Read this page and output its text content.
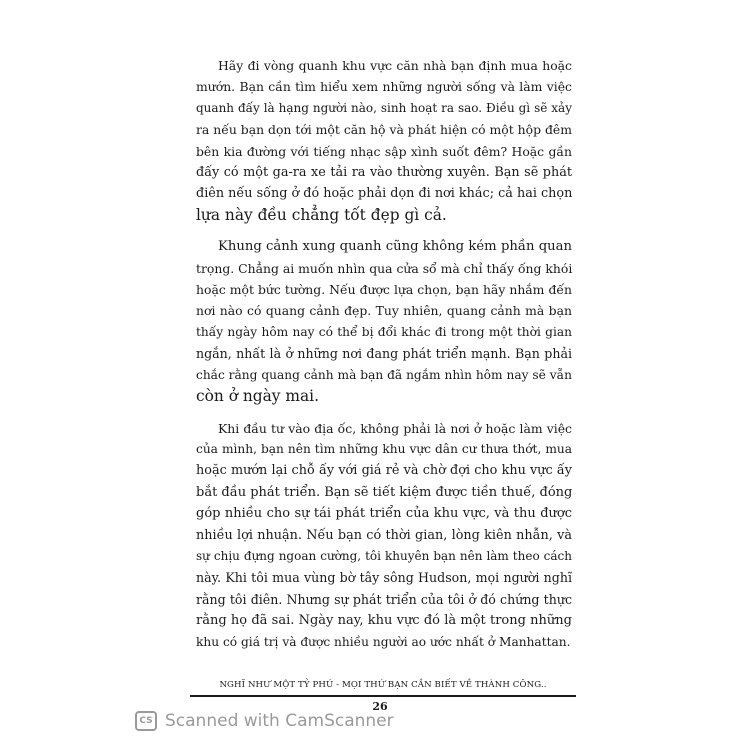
Hãy đi vòng quanh khu vực căn nhà bạn định mua hoặc
mướn. Bạn cần tìm hiểu xem những người sống và làm việc
quanh đấy là hạng người nào, sinh hoạt ra sao. Điều gì sẽ xảy
ra nếu bạn dọn tới một căn hộ và phát hiện có một hộp đêm
bên kia đường với tiếng nhạc sập xình suốt đêm? Hoặc gần
đấy có một ga-ra xe tải ra vào thường xuyên. Bạn sẽ phát
điên nếu sống ở đó hoặc phải dọn đi nơi khác; cả hai chọn
lựa này đều chẳng tốt đẹp gì cả.

Khung cảnh xung quanh cũng không kém phần quan
trọng. Chẳng ai muốn nhìn qua cửa sổ mà chỉ thấy ống khói
hoặc một bức tường. Nếu được lựa chọn, bạn hãy nhắm đến
nơi nào có quang cảnh đẹp. Tuy nhiên, quang cảnh mà bạn
thấy ngày hôm nay có thể bị đổi khác đi trong một thời gian
ngắn, nhất là ở những nơi đang phát triển mạnh. Bạn phải
chắc rằng quang cảnh mà bạn đã ngắm nhìn hôm nay sẽ vẫn
còn ở ngày mai.

Khi đầu tư vào địa ốc, không phải là nơi ở hoặc làm việc
của mình, bạn nên tìm những khu vực dân cư thưa thớt, mua
hoặc mướn lại chỗ ấy với giá rẻ và chờ đợi cho khu vực ấy
bắt đầu phát triển. Bạn sẽ tiết kiệm được tiền thuế, đóng
góp nhiều cho sự tái phát triển của khu vực, và thu được
nhiều lợi nhuận. Nếu bạn có thời gian, lòng kiên nhẫn, và
sự chịu đựng ngoan cường, tôi khuyên bạn nên làm theo cách
này. Khi tôi mua vùng bờ tây sông Hudson, mọi người nghĩ
rằng tôi điên. Nhưng sự phát triển của tôi ở đó chứng thực
rằng họ đã sai. Ngày nay, khu vực đó là một trong những
khu có giá trị và được nhiều người ao ước nhất ở Manhattan.

NGHĨ NHƯ MỘT TỶ PHÚ - MỌI THỨ BẠN CẦN BIẾT VỀ THÀNH CÔNG..
26
CS Scanned with CamScanner
